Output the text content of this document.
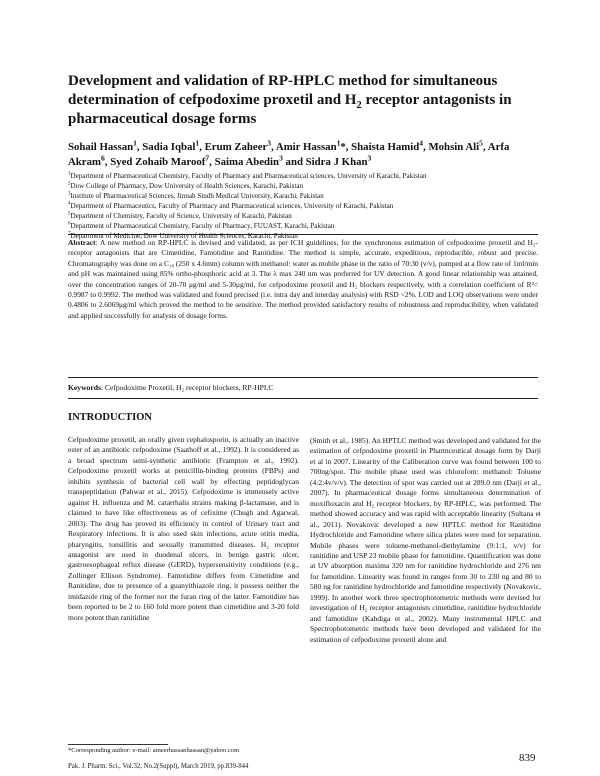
Development and validation of RP-HPLC method for simultaneous determination of cefpodoxime proxetil and $H_2$ receptor antagonists in pharmaceutical dosage forms
Sohail Hassan$^1$, Sadia Iqbal$^1$, Erum Zaheer$^3$, Amir Hassan$^1$*, Shaista Hamid$^4$, Mohsin Ali$^5$, Arfa Akram$^6$, Syed Zohaib Maroof$^7$, Saima Abedin$^3$ and Sidra J Khan$^3$
$^1$Department of Pharmaceutical Chemistry, Faculty of Pharmacy and Pharmaceutical sciences, University of Karachi, Pakistan
$^2$Dow College of Pharmacy, Dow University of Health Sciences, Karachi, Pakistan
$^3$Institute of Pharmaceutical Sciences, Jinnah Sindh Medical University, Karachi, Pakistan
$^4$Department of Pharmaceutics, Faculty of Pharmacy and Pharmaceutical sciences, University of Karachi, Pakistan
$^5$Department of Chemistry, Faculty of Science, University of Karachi, Pakistan
$^6$Department of Pharmaceutical Chemistry, Faculty of Pharmacy, FUUAST, Karachi, Pakistan
$^7$Department of Medicine, Dow University of Health Sciences, Karachi, Pakistan

Abstract: A new method on RP-HPLC is devised and validated, as per ICH guidelines, for the synchronous estimation of cefpodoxime proxetil and H₂-receptor antagonists that are Cimetidine, Famotidine and Ranitidine. The method is simple, accurate, expeditious, reproducible, robust and precise. Chromatography was done on a C₁₈ (250 x 4.6mm) column with methanol: water as mobile phase in the ratio of 70:30 (v/v), pumped at a flow rate of 1ml/min and pH was maintained using 85% ortho-phosphoric acid at 3. The λ max 240 nm was preferred for UV detection. A good linear relationship was attained, over the concentration ranges of 20-70 μg/ml and 5-30μg/ml, for cefpodoxime proxetil and H₂ blockers respectively, with a correlation coefficient of R²= 0.9987 to 0.9992. The method was validated and found precised (i.e. intra day and interday analysis) with RSD <2%. LOD and LOQ observations were under 0.4806 to 2.6069μg/ml which proved the method to be sensitive. The method provided satisfactory results of robustness and reproducibility, when validated and applied successfully for analysis of dosage forms.

Keywords: Cefpodoxime Proxetil, H₂ receptor blockers, RP-HPLC
INTRODUCTION

Cefpodoxime proxetil, an orally given cephalosporin, is actually an inactive ester of an antibiotic cefpodoxime (Saathoff et al., 1992). It is considered as a broad spectrum semi-synthetic antibiotic (Frampton et al., 1992). Cefpodoxime proxetil works at penicillin-binding proteins (PBPs) and inhibits synthesis of bacterial cell wall by effecting peptidoglycan transpeptidation (Pahwar et al., 2015). Cefpodoxime is immensely active against H. influenza and M. catarrhalis strains making β-lactamase, and is claimed to have like effectiveness as of cefixime (Chugh and Agarwal, 2003). The drug has proved its efficiency in control of Urinary tract and Respiratory infections. It is also used skin infections, acute otitis media, pharyngitis, tonsillitis and sexually transmitted diseases. H₂ receptor antagonist are used in duodenal ulcers, in benign gastric ulcer, gastroesophageal reflux disease (GERD), hypersensitivity conditions (e.g., Zollinger Ellison Syndrome). Famotidine differs from Cimetidine and Ranitidine, due to presence of a guanyithiazole ring, it possess neither the imidazole ring of the former nor the furan ring of the latter. Famotidine has been reported to be 2 to 160 fold more potent than cimetidine and 3-20 fold more potent than ranitidine

(Smith et al., 1985). An HPTLC method was developed and validated for the estimation of cefpodoxime proxetil in Pharmceutical dosage form by Darji et al in 2007. Linearity of the Caliberation curve was found between 100 to 700ng/spot. The mobile phase used was chlorofom: methanol: Toluene (4:2:4v/v/v). The detection of spot was carried out at 289.0 nm (Darji et al., 2007). In pharmaceutical dosage forms simultaneous determination of moxifloxacin and H₂ receptor blockers, by RP-HPLC, was performed. The method showed accuracy and was rapid with acceptable linearity (Sultana et al., 2011). Novakovic developed a new HPTLC method for Ranitidine Hydrochloride and Famotidine where silica plates were used for separation. Mobile phases were toluene-methanol-diethylamine (9:1:1, v/v) for ranitidine and USP 23 mobile phase for famotidine. Quantification was done at UV absorption maxima 320 nm for ranitidine hydrochloride and 276 nm for famotidine. Linearity was found in ranges from 30 to 230 ng and 80 to 580 ng for ranitidine hydrochloride and famotidine respectively (Novakovic, 1999). In another work three spectrophotometric methods were devised for investigation of H₂ receptor antagonists cimetidine, ranitidine hydrochloride and famotidine (Kahdiga et al., 2002). Many instrumental HPLC and Spectrophotometric methods have been developed and validated for the estimation of cefpodoxime proxetil alone and

*Corresponding author: e-mail: ameerhassanhassan@yahoo.com
Pak. J. Pharm. Sci., Vol.32, No.2(Suppl), March 2019, pp.839-844
839
